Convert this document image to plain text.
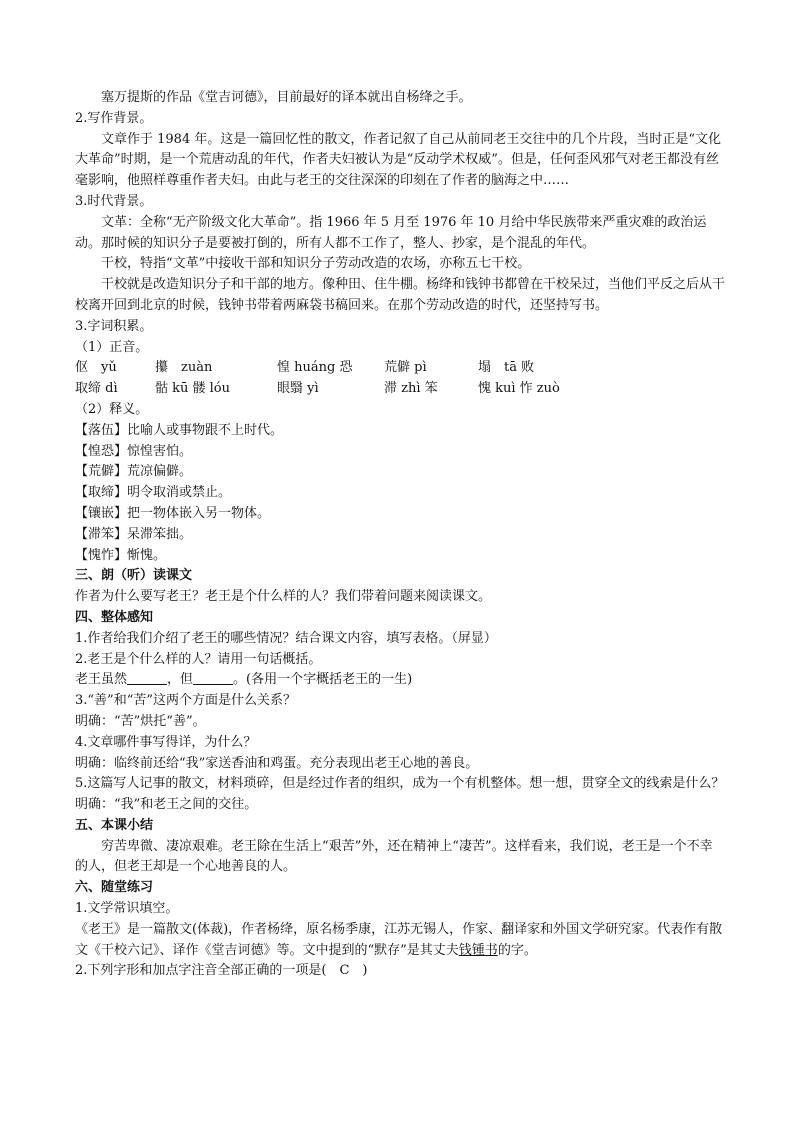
塞万提斯的作品《堂吉诃德》，目前最好的译本就出自杨绛之手。
2.写作背景。
文章作于 1984 年。这是一篇回忆性的散文，作者记叙了自己从前同老王交往中的几个片段，当时正是“文化大革命”时期，是一个荒唐动乱的年代，作者夫妇被认为是“反动学术权威”。但是，任何歪风邪气对老王都没有丝毫影响，他照样尊重作者夫妇。由此与老王的交往深深的印刻在了作者的脑海之中……
3.时代背景。
文革：全称“无产阶级文化大革命”。指 1966 年 5 月至 1976 年 10 月给中华民族带来严重灾难的政治运动。那时候的知识分子是要被打倒的，所有人都不工作了，整人、抄家，是个混乱的年代。
干校，特指“文革”中接收干部和知识分子劳动改造的农场，亦称五七干校。
干校就是改造知识分子和干部的地方。像种田、住牛棚。杨绛和钱钟书都曾在干校呆过，当他们平反之后从干校离开回到北京的时候，钱钟书带着两麻袋书稿回来。在那个劳动改造的时代，还坚持写书。
3.字词积累。
（1）正音。
伛　yǔ	攥　zuàn	惶 huáng 恐	荒僻 pì	塌　tā 败
取缔 dì	骷 kū 髅 lóu	眼翳 yì	滞 zhì 笨	愧 kuì 怍 zuò
（2）释义。
【落伍】比喻人或事物跟不上时代。
【惶恐】惊惶害怕。
【荒僻】荒凉偏僻。
【取缔】明令取消或禁止。
【镶嵌】把一物体嵌入另一物体。
【滞笨】呆滞笨拙。
【愧怍】惭愧。
三、朗（听）读课文
作者为什么要写老王？老王是个什么样的人？我们带着问题来阅读课文。
四、整体感知
1.作者给我们介绍了老王的哪些情况？结合课文内容，填写表格。（屏显）
2.老王是个什么样的人？请用一句话概括。
老王虽然	，但	。(各用一个字概括老王的一生)
3.“善”和“苦”这两个方面是什么关系？
明确：“苦”烘托“善”。
4.文章哪件事写得详，为什么？
明确：临终前还给“我”家送香油和鸡蛋。充分表现出老王心地的善良。
5.这篇写人记事的散文，材料琐碎，但是经过作者的组织，成为一个有机整体。想一想，贯穿全文的线索是什么？
明确：“我”和老王之间的交往。
五、本课小结
穷苦卑微、凄凉艰难。老王除在生活上“艰苦”外，还在精神上“凄苦”。这样看来，我们说，老王是一个不幸的人，但老王却是一个心地善良的人。
六、随堂练习
1.文学常识填空。
《老王》是一篇散文(体裁)，作者杨绛，原名杨季康，江苏无锡人，作家、翻译家和外国文学研究家。代表作有散文《干校六记》、译作《堂吉诃德》等。文中提到的“默存”是其丈夫钱锺书的字。
2.下列字形和加点字注音全部正确的一项是(　C　)
